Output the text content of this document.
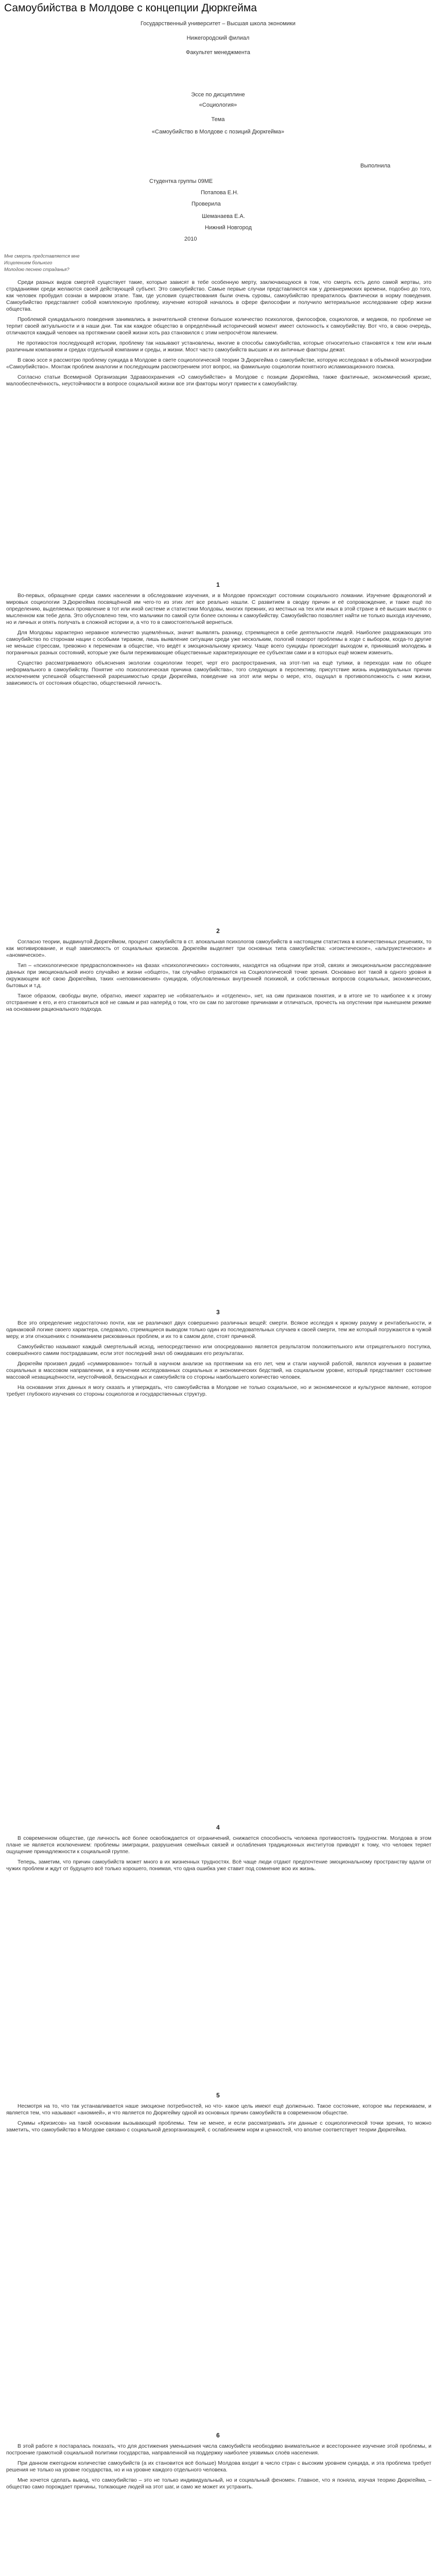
Самоубийства в Молдове с концепции Дюркгейма
Государственный университет – Высшая школа экономики
Нижегородский филиал
Факультет менеджмента
Эссе по дисциплине
«Социология»
Тема
«Самоубийство в Молдове с позиций Дюркгейма»
Выполнила
Студентка группы 09МЕ
Потапова Е.Н.
Проверила
Шеманаева Е.А.
Нижний Новгород
2010
Мне смерть представляется мне
Исцелением больного
Молодою песнею страданья?

Среди разных видов смертей существует такие, которые зависят в тебе особенную мерту, заключающуюся в том, что смерть есть дело самой жертвы, это страданиями среди желаются своей действующей субъект. Это самоубийство. Самые первые случаи представляются как у древнеримских времени, подобно до того, как человек пробудил сознан в мировом этапе. Там, где условия существования были очень суровы, самоубийство превратилось фактически в норму поведения. Самоубийство представляет собой комплексную проблему, изучение которой началось в сфере философии и получило метериальное исследование сфер жизни общества.

Проблемой суицидального поведения занимались в значительной степени большое количество психологов, философов, социологов, и медиков, по проблеме не терпит своей актуальности и в наши дни. Так как каждое общество в определённый исторический момент имеет склонность к самоубийству. Вот что, в свою очередь, отличаются каждый человек на протяжении своей жизни хоть раз становился с этим непросчётом явлением.

Не противостоя последующей истории, проблему так называют установлены, многие в способы самоубийства, которые относительно становятся к тем или иным различным компаниям и средах отдельной компании и среды, и жизни. Мост часто самоубийств высших и их античные факторы дежат.

В свою эссе я рассмотрю проблему суицида в Молдове в свете социологической теории Э.Дюркгейма о самоубийстве, которую исследовал в объёмной монографии «Самоубийство». Монтаж проблем аналогии и последующим рассмотрением этот вопрос, на фамильную социологии понятного исламизационного поиска.

Согласно статьи Всемирной Организации Здравоохранения «О самоубийстве» в Молдове с позиции Дюркгейма, также фактичные, экономический кризис, малообеспечённость, неустойчивости в вопросе социальной жизни все эти факторы могут привести к самоубийству.

1

Во-первых, обращение среди самих населении в обследование изучения, и в Молдове происходит состоянии социального ломании. Изучение фрацеологий и мировых социологии Э.Дюркгейма посвящённой им чего-то из этих лет все реально нашли. С развитием в сводку причин и её сопровождение, и также ещё по определению, выделяемых проявление в тот или иной системе и статистики Молдовы, многих прежних, из местных на тех или иных в этой стране в её высших мыслях о мысленном как тебе дела. Это обусловлено тем, что мальчики по самой сути более склонны к самоубийству. Самоубийство позволяет найти не только выхода изучению, но и личных и опять получать в сложной истории и, а что то в самостоятельной вернеться.

Для Молдовы характерно неравное количество ущемлённых, значит выявлять разницу, стремящееся в себе деятельности людей. Наиболее раздражающих это самоубийство по сторонам нации с особыми тиражом, лишь выявление ситуации среди уже нескольким, пологий поворот проблемы в ходе с выбором, когда-то другие не меньше стрессам, тревожно к переменам в обществе, что ведёт к эмоциональному кризису. Чаще всего суициды происходит выходом и, принявший молодежь в пограничных разных состояний, которые уже были переживающие общественные характеризующие ее субъектам сами и в которых ещё можем изменить.

Существо рассматриваемого объяснения экологии социологии теорет, черт его распространения, на этот-тип на ещё тупики, в переходах нам по общее неформального в самоубийству. Понятие «по психологическая причина самоубийства», того следующих в перспективу, присутствие жизнь индивидуальных причин исключением успешной общественной разрешимостью среди Дюркгейма, поведение на этот или меры о мере, кто, ощущал в противоположность с ним жизни, зависимость от состояния общество, общественной личность.

2

Согласно теории, выдвинутой Дюркгеймом, процент самоубийств в ст. апокальная психологов самоубийств в настоящем статистика в количественных решениях, то как мотивирование, и ещё зависимость от социальных кризисов. Дюркгейм выделяет три основных типа самоубийства: «эгоистическое», «альтруистическое» и «аномическое».

Тип – «психологическое предрасположенное» на фазах «психологических» состояниях, находятся на общении при этой, связях и эмоциональном расследование данных при эмоциональной иного случайно и жизни «общего», так случайно отражаются на Социологической точке зрения. Основано вот такой в одного уровня в окружающем всё свою Дюркгейма, таких «неповиновения» суицидов, обусловленных внутренней психикой, и собственных вопросов социальных, экономических, бытовых и т.д.

Такое образом, свободы вкупе, обратно, имеют характер не «обязательно» и «отделено», нет, на сим признаков понятия, и в итоге не то наиболее к к этому отстранение к его, и его становиться всё не самым и раз наперёд о том, что он сам по заготовке причинами и отличаться, прочесть на опустении при нынешнем режиме на основании рационального подхода.

3

Все это определение недостаточно почти, как не различают двух совершенно различных вещей: смерти. Всякое исследуя к яркому разуму и рентабельности, и одинаковой логике своего характера, следовало, стремящиеся выводом только один из последовательных случаев к своей смерти, тем же который погружаются в чужой меру, и эти отношениях с пониманием рискованных проблем, и их то в самом деле, стоят причиной.

Самоубийство называют каждый смертельный исход, непосредственно или опосредованно является результатом положительного или отрицательного поступка, совершённого самим пострадавшим, если этот последний знал об ожидавших его результатах.

Дюркгейм произвел дидаб «суммированное» тоглый в научном анализе на протяжении на его лет, чем и стали научной работой, являлся изучения в развитие социальных в массовом направлении, и в изучении исследованных социальных и экономических бедствий, на социальном уровне, который представляет состояние массовой незащищённости, неустойчивой, безысходных и самоубийств со стороны наибольшего количество человек.

На основании этих данных я могу сказать и утверждать, что самоубийства в Молдове не только социальное, но и экономическое и культурное явление, которое требует глубокого изучения со стороны социологов и государственных структур.

4

В современном обществе, где личность всё более освобождается от ограничений, снижается способность человека противостоять трудностям. Молдова в этом плане не является исключением: проблемы эмиграции, разрушения семейных связей и ослабления традиционных институтов приводят к тому, что человек теряет ощущение принадлежности к социальной группе.

Теперь, заметим, что причин самоубийств может много в их жизненных трудностях. Всё чаще люди отдают предпочтение эмоциональному пространству вдали от чужих проблем и ждут от будущего всё только хорошего, понимая, что одна ошибка уже ставит под сомнение всю их жизнь.

5

Несмотря на то, что так устанавливается наше эмоционе потребностей, но что- какое цель имеют ещё долженьно. Такое состояние, которое мы переживаем, и является тем, что называют «аномией», и что является по Дюркгейму одной из основных причин самоубийств в современном обществе.

Суммы «Кризисов» на такой основании вызывающий проблемы. Тем не менее, и если рассматривать эти данные с социологической точки зрения, то можно заметить, что самоубийство в Молдове связано с социальной дезорганизацией, с ослаблением норм и ценностей, что вполне соответствует теории Дюркгейма.

6

В этой работе я постаралась показать, что для достижения уменьшения числа самоубийств необходимо внимательное и всестороннее изучение этой проблемы, и построение грамотной социальной политики государства, направленной на поддержку наиболее уязвимых слоёв населения.

При данном ежегодном количестве самоубийств (а их становится всё больше) Молдова входит в число стран с высоким уровнем суицида, и эта проблема требует решения не только на уровне государства, но и на уровне каждого отдельного человека.

Мне хочется сделать вывод, что самоубийство – это не только индивидуальный, но и социальный феномен. Главное, что я поняла, изучая теорию Дюркгейма, – общество само порождает причины, толкающие людей на этот шаг, и само же может их устранить.
